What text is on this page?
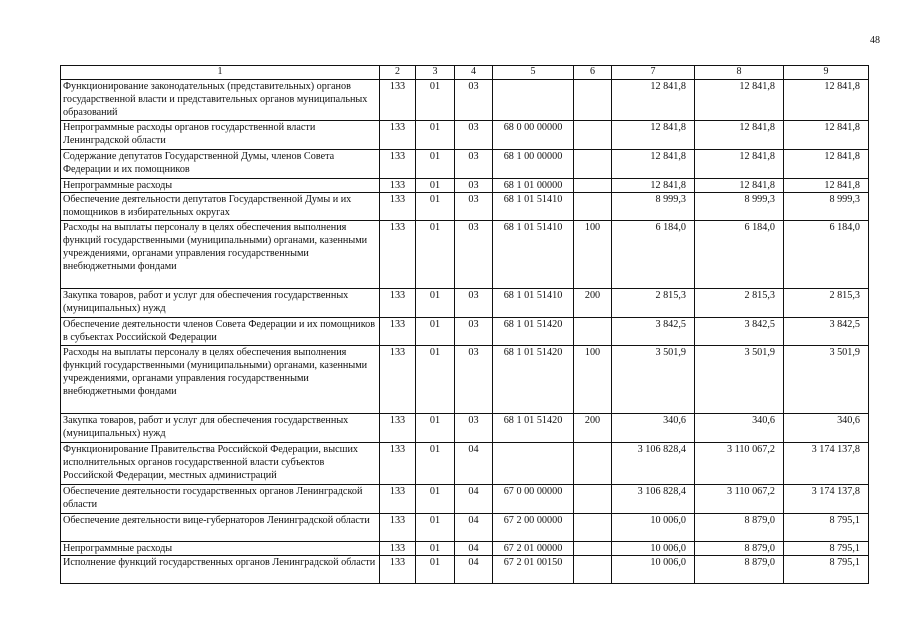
48
1	2	3	4	5	6	7	8	9
Функционирование законодательных (представительных) органов государственной власти и представительных органов муниципальных образований	133	01	03			12 841,8	12 841,8	12 841,8
Непрограммные расходы органов государственной власти Ленинградской области	133	01	03	68 0 00 00000		12 841,8	12 841,8	12 841,8
Содержание депутатов Государственной Думы, членов Совета Федерации и их помощников	133	01	03	68 1 00 00000		12 841,8	12 841,8	12 841,8
Непрограммные расходы	133	01	03	68 1 01 00000		12 841,8	12 841,8	12 841,8
Обеспечение деятельности депутатов Государственной Думы и их помощников в избирательных округах	133	01	03	68 1 01 51410		8 999,3	8 999,3	8 999,3
Расходы на выплаты персоналу в целях обеспечения выполнения функций государственными (муниципальными) органами, казенными учреждениями, органами управления государственными внебюджетными фондами	133	01	03	68 1 01 51410	100	6 184,0	6 184,0	6 184,0
Закупка товаров, работ и услуг для обеспечения государственных (муниципальных) нужд	133	01	03	68 1 01 51410	200	2 815,3	2 815,3	2 815,3
Обеспечение деятельности членов Совета Федерации и их помощников в субъектах Российской Федерации	133	01	03	68 1 01 51420		3 842,5	3 842,5	3 842,5
Расходы на выплаты персоналу в целях обеспечения выполнения функций государственными (муниципальными) органами, казенными учреждениями, органами управления государственными внебюджетными фондами	133	01	03	68 1 01 51420	100	3 501,9	3 501,9	3 501,9
Закупка товаров, работ и услуг для обеспечения государственных (муниципальных) нужд	133	01	03	68 1 01 51420	200	340,6	340,6	340,6
Функционирование Правительства Российской Федерации, высших исполнительных органов государственной власти субъектов Российской Федерации, местных администраций	133	01	04			3 106 828,4	3 110 067,2	3 174 137,8
Обеспечение деятельности государственных органов Ленинградской области	133	01	04	67 0 00 00000		3 106 828,4	3 110 067,2	3 174 137,8
Обеспечение деятельности вице-губернаторов Ленинградской области	133	01	04	67 2 00 00000		10 006,0	8 879,0	8 795,1
Непрограммные расходы	133	01	04	67 2 01 00000		10 006,0	8 879,0	8 795,1
Исполнение функций государственных органов Ленинградской области	133	01	04	67 2 01 00150		10 006,0	8 879,0	8 795,1
